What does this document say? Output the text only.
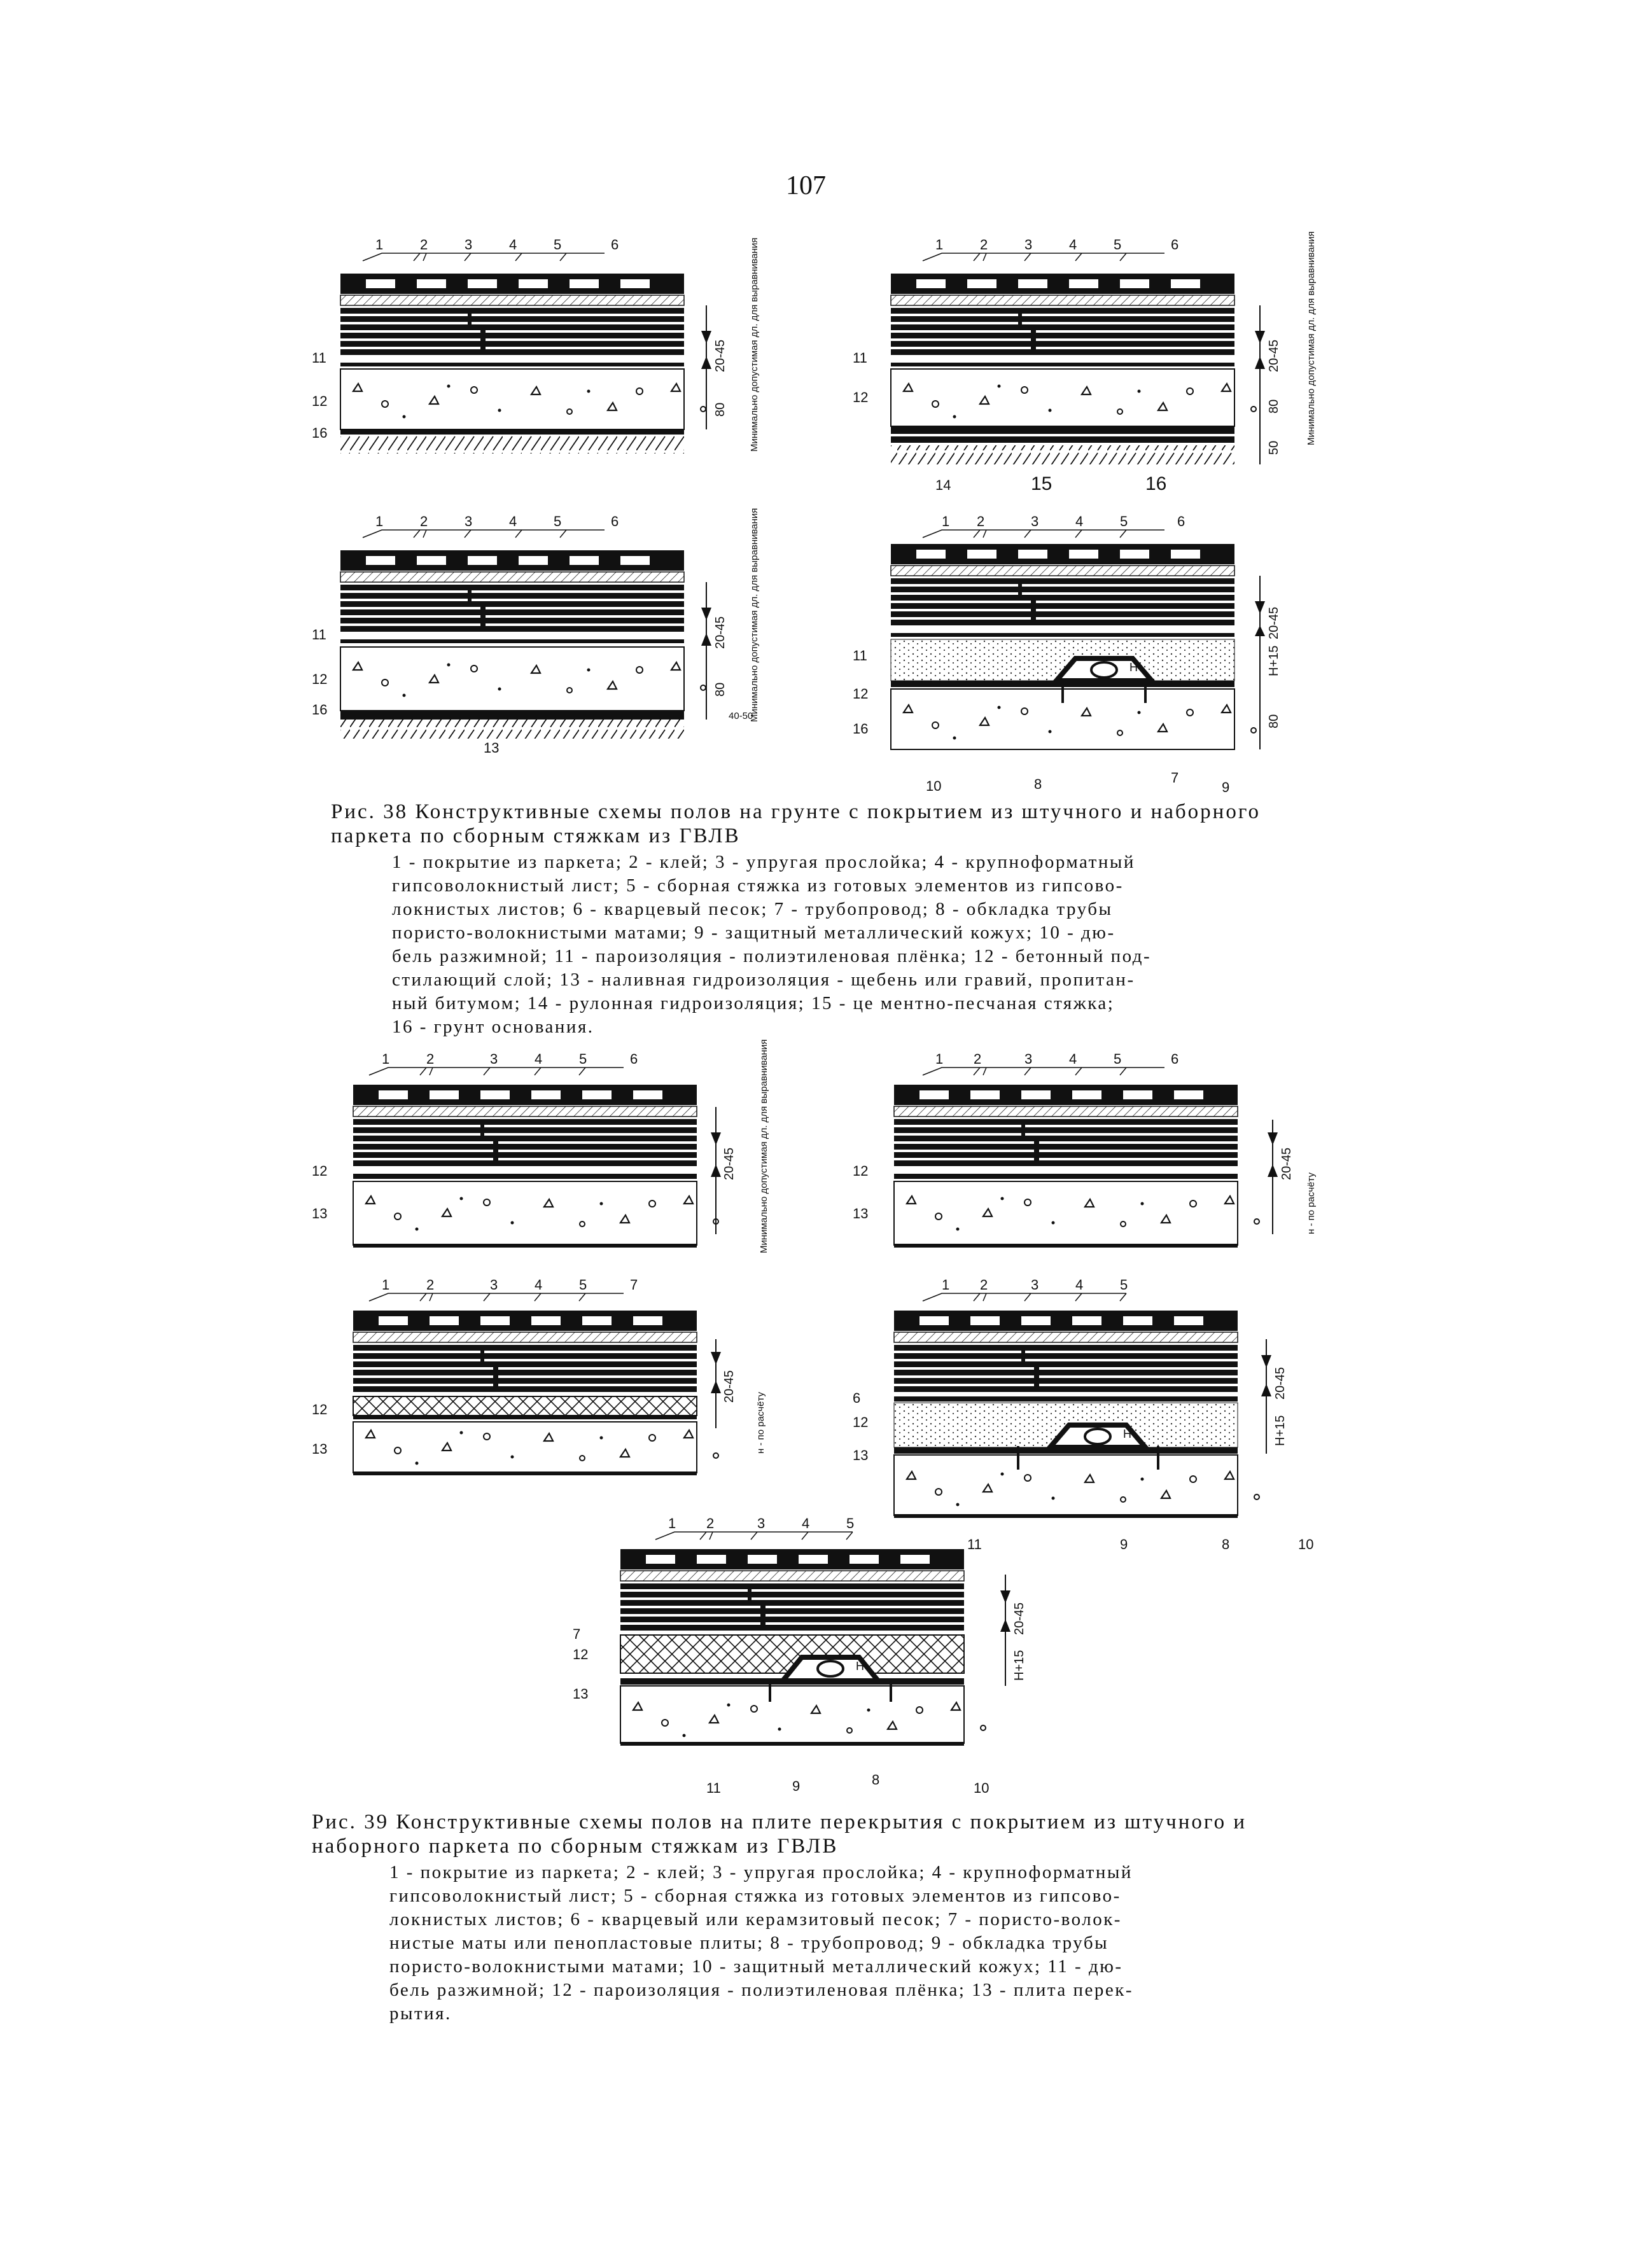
107
1	2	3	4	5	6
11
12
16
20-45
80 Минимально допустимая дл. для выравнивания	1	2	3	4	5	6
11
12
14	15	16
20-45
80
50
Минимально допустимая дл. для выравнивания
1	2	3	4	5	6
11
12
16
13
20-45
80
40-50
Минимально допустимая дл. для выравнивания	1 2	3	4	5	6
H
11
12
16
10	8	7
9
20-45
H+15
80
Рис. 38 Конструктивные схемы полов на грунте с покрытием из штучного и наборного паркета по сборным стяжкам из ГВЛВ
1 - покрытие из паркета; 2 - клей; 3 - упругая прослойка; 4 - крупноформатный
гипсоволокнистый лист; 5 - сборная стяжка из готовых элементов из гипсово-
локнистых листов; 6 - кварцевый песок; 7 - трубопровод; 8 - обкладка трубы
пористо-волокнистыми матами; 9 - защитный металлический кожух; 10 - дю-
бель разжимной; 11 - пароизоляция - полиэтиленовая плёнка; 12 - бетонный под-
стилающий слой; 13 - наливная гидроизоляция - щебень или гравий, пропитан-
ный битумом; 14 - рулонная гидроизоляция; 15 - це ментно-песчаная стяжка;
16 - грунт основания.
1	2	3	4	5	6
12
13
20-45 Минимально допустимая дл. для выравнивания	1 2	3	4	5	6
12
13
20-45
н - по расчёту
1	2	3	4	5	7
12
13
20-45
н - по расчёту
1 2	3	4	5
H
6
12
13
11	9	8	10
20-45
H+15
1 2	3	4	5
H
7
12
13
11	9	8
10
20-45
H+15
Рис. 39 Конструктивные схемы полов на плите перекрытия с покрытием из штучного и наборного паркета по сборным стяжкам из ГВЛВ
1 - покрытие из паркета; 2 - клей; 3 - упругая прослойка; 4 - крупноформатный
гипсоволокнистый лист; 5 - сборная стяжка из готовых элементов из гипсово-
локнистых листов; 6 - кварцевый или керамзитовый песок; 7 - пористо-волок-
нистые маты или пенопластовые плиты; 8 - трубопровод; 9 - обкладка трубы
пористо-волокнистыми матами; 10 - защитный металлический кожух; 11 - дю-
бель разжимной; 12 - пароизоляция - полиэтиленовая плёнка; 13 - плита перек-
рытия.
